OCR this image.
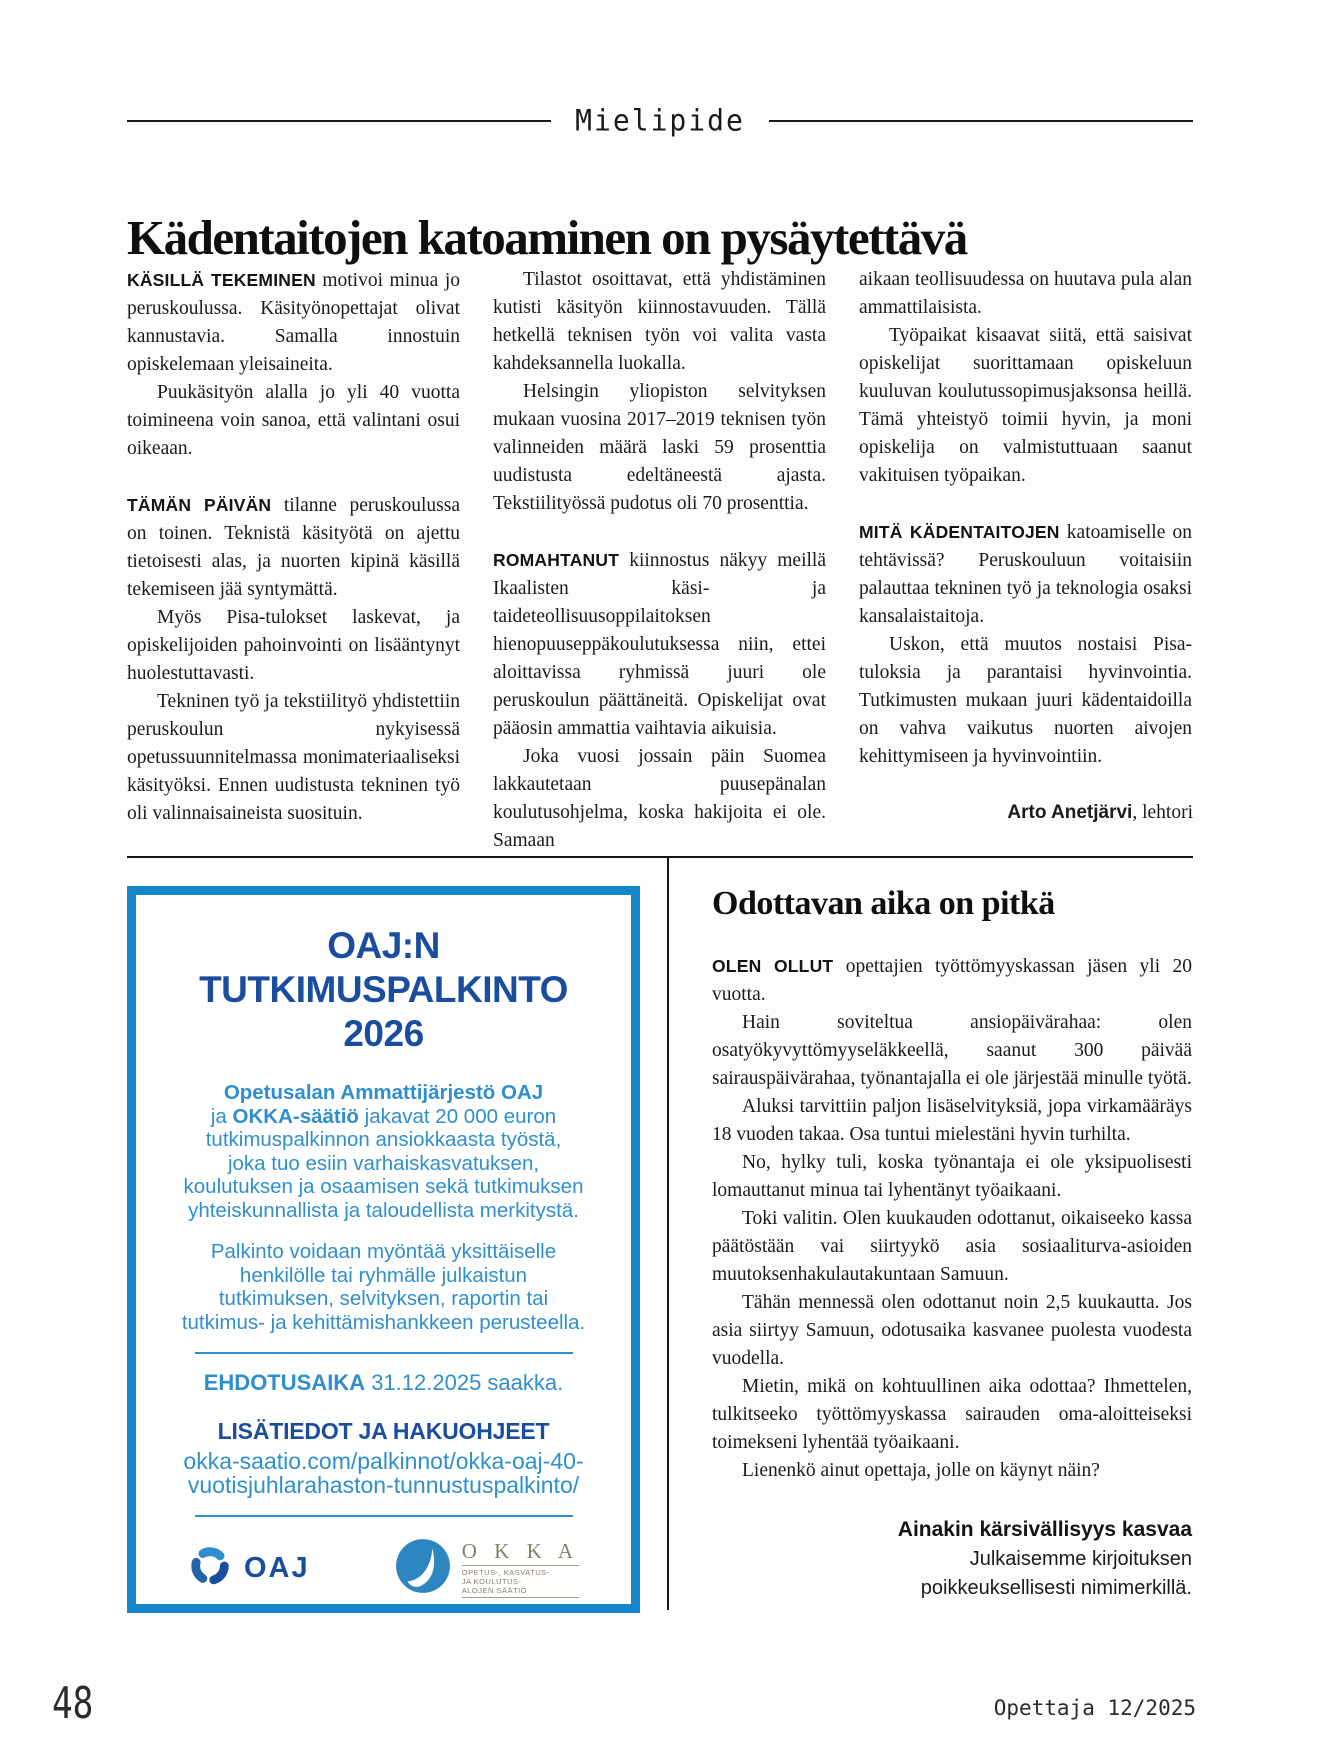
Mielipide
Kädentaitojen katoaminen on pysäytettävä

KÄSILLÄ TEKEMINEN motivoi minua jo peruskoulussa. Käsityönopettajat olivat kannustavia. Samalla innostuin opiskelemaan yleisaineita.

Puukäsityön alalla jo yli 40 vuotta toimineena voin sanoa, että valintani osui oikeaan.

TÄMÄN PÄIVÄN tilanne peruskoulussa on toinen. Teknistä käsityötä on ajettu tietoisesti alas, ja nuorten kipinä käsillä tekemiseen jää syntymättä.

Myös Pisa-tulokset laskevat, ja opiskelijoiden pahoinvointi on lisääntynyt huolestuttavasti.

Tekninen työ ja tekstiilityö yhdistettiin peruskoulun nykyisessä opetussuunnitelmassa monimateriaaliseksi käsityöksi. Ennen uudistusta tekninen työ oli valinnaisaineista suosituin.

Tilastot osoittavat, että yhdistäminen kutisti käsityön kiinnostavuuden. Tällä hetkellä teknisen työn voi valita vasta kahdeksannella luokalla.

Helsingin yliopiston selvityksen mukaan vuosina 2017–2019 teknisen työn valinneiden määrä laski 59 prosenttia uudistusta edeltäneestä ajasta. Tekstiilityössä pudotus oli 70 prosenttia.

ROMAHTANUT kiinnostus näkyy meillä Ikaalisten käsi- ja taideteollisuusoppilaitoksen hienopuuseppäkoulutuksessa niin, ettei aloittavissa ryhmissä juuri ole peruskoulun päättäneitä. Opiskelijat ovat pääosin ammattia vaihtavia aikuisia.

Joka vuosi jossain päin Suomea lakkautetaan puusepänalan koulutusohjelma, koska hakijoita ei ole. Samaan

aikaan teollisuudessa on huutava pula alan ammattilaisista.

Työpaikat kisaavat siitä, että saisivat opiskelijat suorittamaan opiskeluun kuuluvan koulutussopimusjaksonsa heillä. Tämä yhteistyö toimii hyvin, ja moni opiskelija on valmistuttuaan saanut vakituisen työpaikan.

MITÄ KÄDENTAITOJEN katoamiselle on tehtävissä? Peruskouluun voitaisiin palauttaa tekninen työ ja teknologia osaksi kansalaistaitoja.

Uskon, että muutos nostaisi Pisa-tuloksia ja parantaisi hyvinvointia. Tutkimusten mukaan juuri kädentaidoilla on vahva vaikutus nuorten aivojen kehittymiseen ja hyvinvointiin.

Arto Anetjärvi, lehtori
OAJ:N
TUTKIMUSPALKINTO
2026
Opetusalan Ammattijärjestö OAJ
ja OKKA-säätiö jakavat 20 000 euron
tutkimuspalkinnon ansiokkaasta työstä,
joka tuo esiin varhaiskasvatuksen,
koulutuksen ja osaamisen sekä tutkimuksen
yhteiskunnallista ja taloudellista merkitystä.
Palkinto voidaan myöntää yksittäiselle
henkilölle tai ryhmälle julkaistun
tutkimuksen, selvityksen, raportin tai
tutkimus- ja kehittämishankkeen perusteella.
EHDOTUSAIKA 31.12.2025 saakka.
LISÄTIEDOT JA HAKUOHJEET
okka-saatio.com/palkinnot/okka-oaj-40-
vuotisjuhlarahaston-tunnustuspalkinto/
OAJ
O K K A
OPETUS-, KASVATUS-
JA KOULUTUS-
ALOJEN SÄÄTIÖ
Odottavan aika on pitkä

OLEN OLLUT opettajien työttömyyskassan jäsen yli 20 vuotta.

Hain soviteltua ansiopäivärahaa: olen osatyökyvyttömyyseläkkeellä, saanut 300 päivää sairauspäivärahaa, työnantajalla ei ole järjestää minulle työtä.

Aluksi tarvittiin paljon lisäselvityksiä, jopa virkamääräys 18 vuoden takaa. Osa tuntui mielestäni hyvin turhilta.

No, hylky tuli, koska työnantaja ei ole yksipuolisesti lomauttanut minua tai lyhentänyt työaikaani.

Toki valitin. Olen kuukauden odottanut, oikaiseeko kassa päätöstään vai siirtyykö asia sosiaaliturva-asioiden muutoksenhakulautakuntaan Samuun.

Tähän mennessä olen odottanut noin 2,5 kuukautta. Jos asia siirtyy Samuun, odotusaika kasvanee puolesta vuodesta vuodella.

Mietin, mikä on kohtuullinen aika odottaa? Ihmettelen, tulkitseeko työttömyyskassa sairauden oma-aloitteiseksi toimekseni lyhentää työaikaani.

Lienenkö ainut opettaja, jolle on käynyt näin?

Ainakin kärsivällisyys kasvaa
Julkaisemme kirjoituksen
poikkeuksellisesti nimimerkillä.
48	Opettaja 12/2025
